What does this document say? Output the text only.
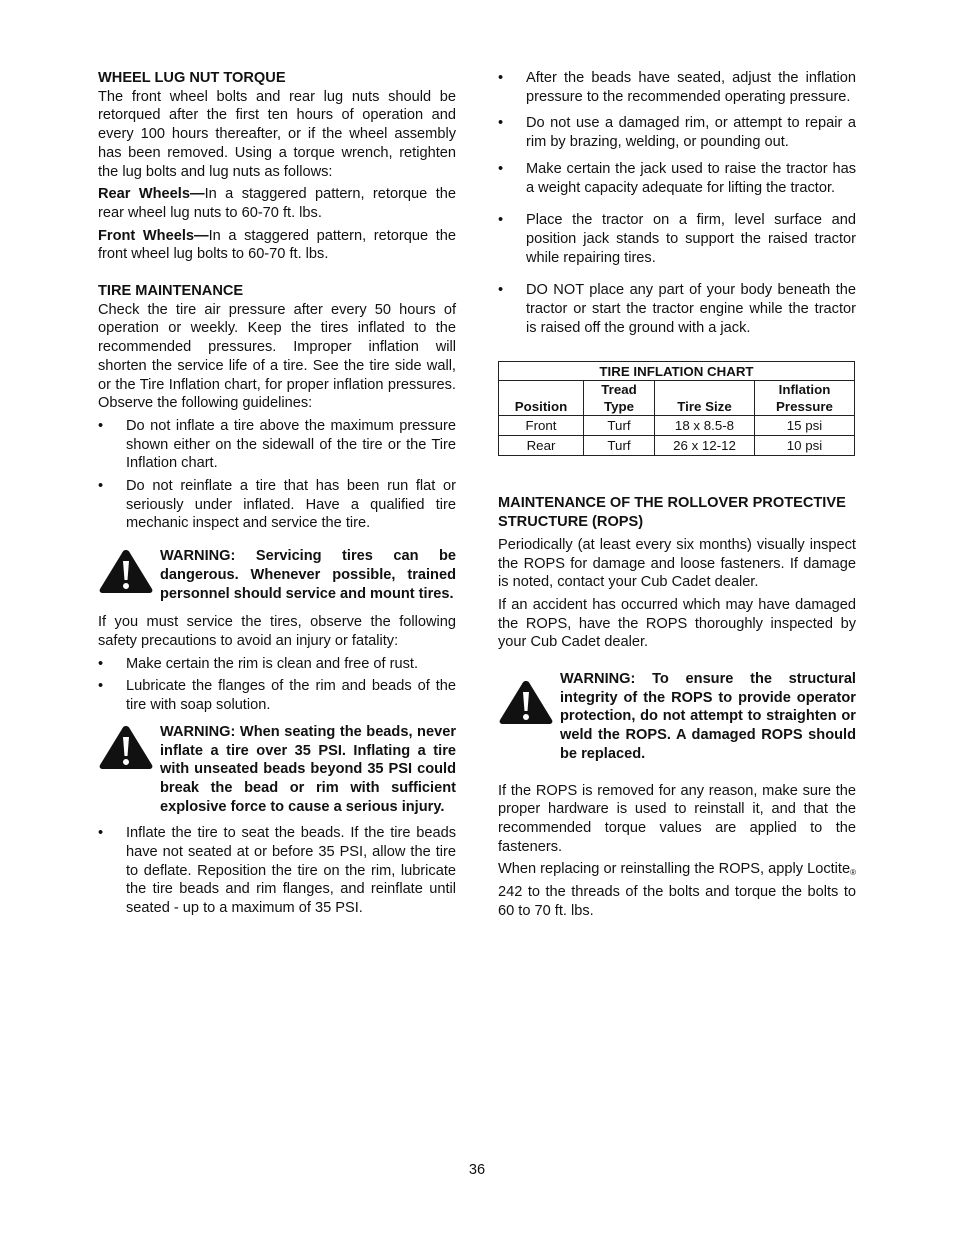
WHEEL LUG NUT TORQUE

The front wheel bolts and rear lug nuts should be retorqued after the first ten hours of operation and every 100 hours thereafter, or if the wheel assembly has been removed. Using a torque wrench, retighten the lug bolts and lug nuts as follows:

Rear Wheels—In a staggered pattern, retorque the rear wheel lug nuts to 60-70 ft. lbs.

Front Wheels—In a staggered pattern, retorque the front wheel lug bolts to 60-70 ft. lbs.

TIRE MAINTENANCE

Check the tire air pressure after every 50 hours of operation or weekly. Keep the tires inflated to the recommended pressures. Improper inflation will shorten the service life of a tire. See the tire side wall, or the Tire Inflation chart, for proper inflation pressures. Observe the following guidelines:

•	Do not inflate a tire above the maximum pressure shown either on the sidewall of the tire or the Tire Inflation chart.
•	Do not reinflate a tire that has been run flat or seriously under inflated. Have a qualified tire mechanic inspect and service the tire.
WARNING: Servicing tires can be dangerous. Whenever possible, trained personnel should service and mount tires.

If you must service the tires, observe the following safety precautions to avoid an injury or fatality:

•	Make certain the rim is clean and free of rust.
•	Lubricate the flanges of the rim and beads of the tire with soap solution.
WARNING: When seating the beads, never inflate a tire over 35 PSI. Inflating a tire with unseated beads beyond 35 PSI could break the bead or rim with sufficient explosive force to cause a serious injury.
•	Inflate the tire to seat the beads. If the tire beads have not seated at or before 35 PSI, allow the tire to deflate. Reposition the tire on the rim, lubricate the tire beads and rim flanges, and reinflate until seated - up to a maximum of 35 PSI.
•	After the beads have seated, adjust the inflation pressure to the recommended operating pressure.
•	Do not use a damaged rim, or attempt to repair a rim by brazing, welding, or pounding out.
•	Make certain the jack used to raise the tractor has a weight capacity adequate for lifting the tractor.
•	Place the tractor on a firm, level surface and position jack stands to support the raised tractor while repairing tires.
•	DO NOT place any part of your body beneath the tractor or start the tractor engine while the tractor is raised off the ground with a jack.
TIRE INFLATION CHART			
Position	Tread Type	Tire Size	Inflation Pressure
Front	Turf	18 x 8.5-8	15 psi
Rear	Turf	26 x 12-12	10 psi
MAINTENANCE OF THE ROLLOVER PROTECTIVE STRUCTURE (ROPS)

Periodically (at least every six months) visually inspect the ROPS for damage and loose fasteners. If damage is noted, contact your Cub Cadet dealer.

If an accident has occurred which may have damaged the ROPS, have the ROPS thoroughly inspected by your Cub Cadet dealer.

WARNING: To ensure the structural integrity of the ROPS to provide operator protection, do not attempt to straighten or weld the ROPS. A damaged ROPS should be replaced.

If the ROPS is removed for any reason, make sure the proper hardware is used to reinstall it, and that the recommended torque values are applied to the fasteners.

When replacing or reinstalling the ROPS, apply Loctite$_®$ 242 to the threads of the bolts and torque the bolts to 60 to 70 ft. lbs.

36
